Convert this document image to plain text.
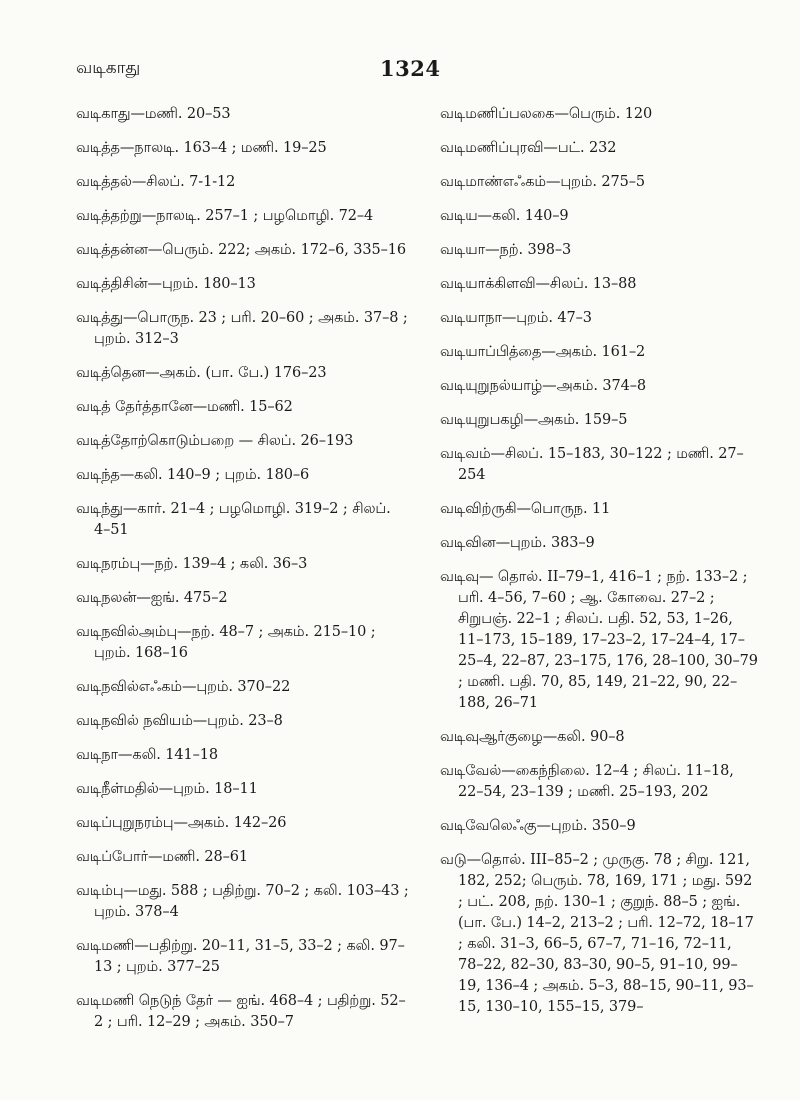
வடிகாது	1324
வடிகாது—மணி. 20–53
வடித்த—நாலடி. 163–4 ; மணி. 19–25
வடித்தல்—சிலப். 7-1-12
வடித்தற்று—நாலடி. 257–1 ; பழமொழி. 72–4
வடித்தன்ன—பெரும். 222; அகம். 172–6, 335–16
வடித்திசின்—புறம். 180–13
வடித்து—பொருந. 23 ; பரி. 20–60 ; அகம். 37–8 ; புறம். 312–3
வடித்தென—அகம். (பா. பே.) 176–23
வடித் தேர்த்தானே—மணி. 15–62
வடித்தோற்கொடும்பறை — சிலப். 26–193
வடிந்த—கலி. 140–9 ; புறம். 180–6
வடிந்து—கார். 21–4 ; பழமொழி. 319–2 ; சிலப். 4–51
வடிநரம்பு—நற். 139–4 ; கலி. 36–3
வடிநலன்—ஐங். 475–2
வடிநவில்அம்பு—நற். 48–7 ; அகம். 215–10 ; புறம். 168–16
வடிநவில்எஃகம்—புறம். 370–22
வடிநவில் நவியம்—புறம். 23–8
வடிநா—கலி. 141–18
வடிநீள்மதில்—புறம். 18–11
வடிப்புறுநரம்பு—அகம். 142–26
வடிப்போர்—மணி. 28–61
வடிம்பு—மது. 588 ; பதிற்று. 70–2 ; கலி. 103–43 ; புறம். 378–4
வடிமணி—பதிற்று. 20–11, 31–5, 33–2 ; கலி. 97–13 ; புறம். 377–25
வடிமணி நெடுந் தேர் — ஐங். 468–4 ; பதிற்று. 52–2 ; பரி. 12–29 ; அகம். 350–7
வடிமணிப்பலகை—பெரும். 120
வடிமணிப்புரவி—பட். 232
வடிமாண்எஃகம்—புறம். 275–5
வடிய—கலி. 140–9
வடியா—நற். 398–3
வடியாக்கிளவி—சிலப். 13–88
வடியாநா—புறம். 47–3
வடியாப்பித்தை—அகம். 161–2
வடியுறுநல்யாழ்—அகம். 374–8
வடியுறுபகழி—அகம். 159–5
வடிவம்—சிலப். 15–183, 30–122 ; மணி. 27–254
வடிவிற்ருகி—பொருந. 11
வடிவின—புறம். 383–9
வடிவு— தொல். II–79–1, 416–1 ; நற். 133–2 ; பரி. 4–56, 7–60 ; ஆ. கோவை. 27–2 ; சிறுபஞ். 22–1 ; சிலப். பதி. 52, 53, 1–26, 11–173, 15–189, 17–23–2, 17–24–4, 17–25–4, 22–87, 23–175, 176, 28–100, 30–79 ; மணி. பதி. 70, 85, 149, 21–22, 90, 22–188, 26–71
வடிவுஆர்குழை—கலி. 90–8
வடிவேல்—கைந்நிலை. 12–4 ; சிலப். 11–18, 22–54, 23–139 ; மணி. 25–193, 202
வடிவேலெஃகு—புறம். 350–9
வடு—தொல். III–85–2 ; முருகு. 78 ; சிறு. 121, 182, 252; பெரும். 78, 169, 171 ; மது. 592 ; பட். 208, நற். 130–1 ; குறுந். 88–5 ; ஐங். (பா. பே.) 14–2, 213–2 ; பரி. 12–72, 18–17 ; கலி. 31–3, 66–5, 67–7, 71–16, 72–11, 78–22, 82–30, 83–30, 90–5, 91–10, 99–19, 136–4 ; அகம். 5–3, 88–15, 90–11, 93–15, 130–10, 155–15, 379–
